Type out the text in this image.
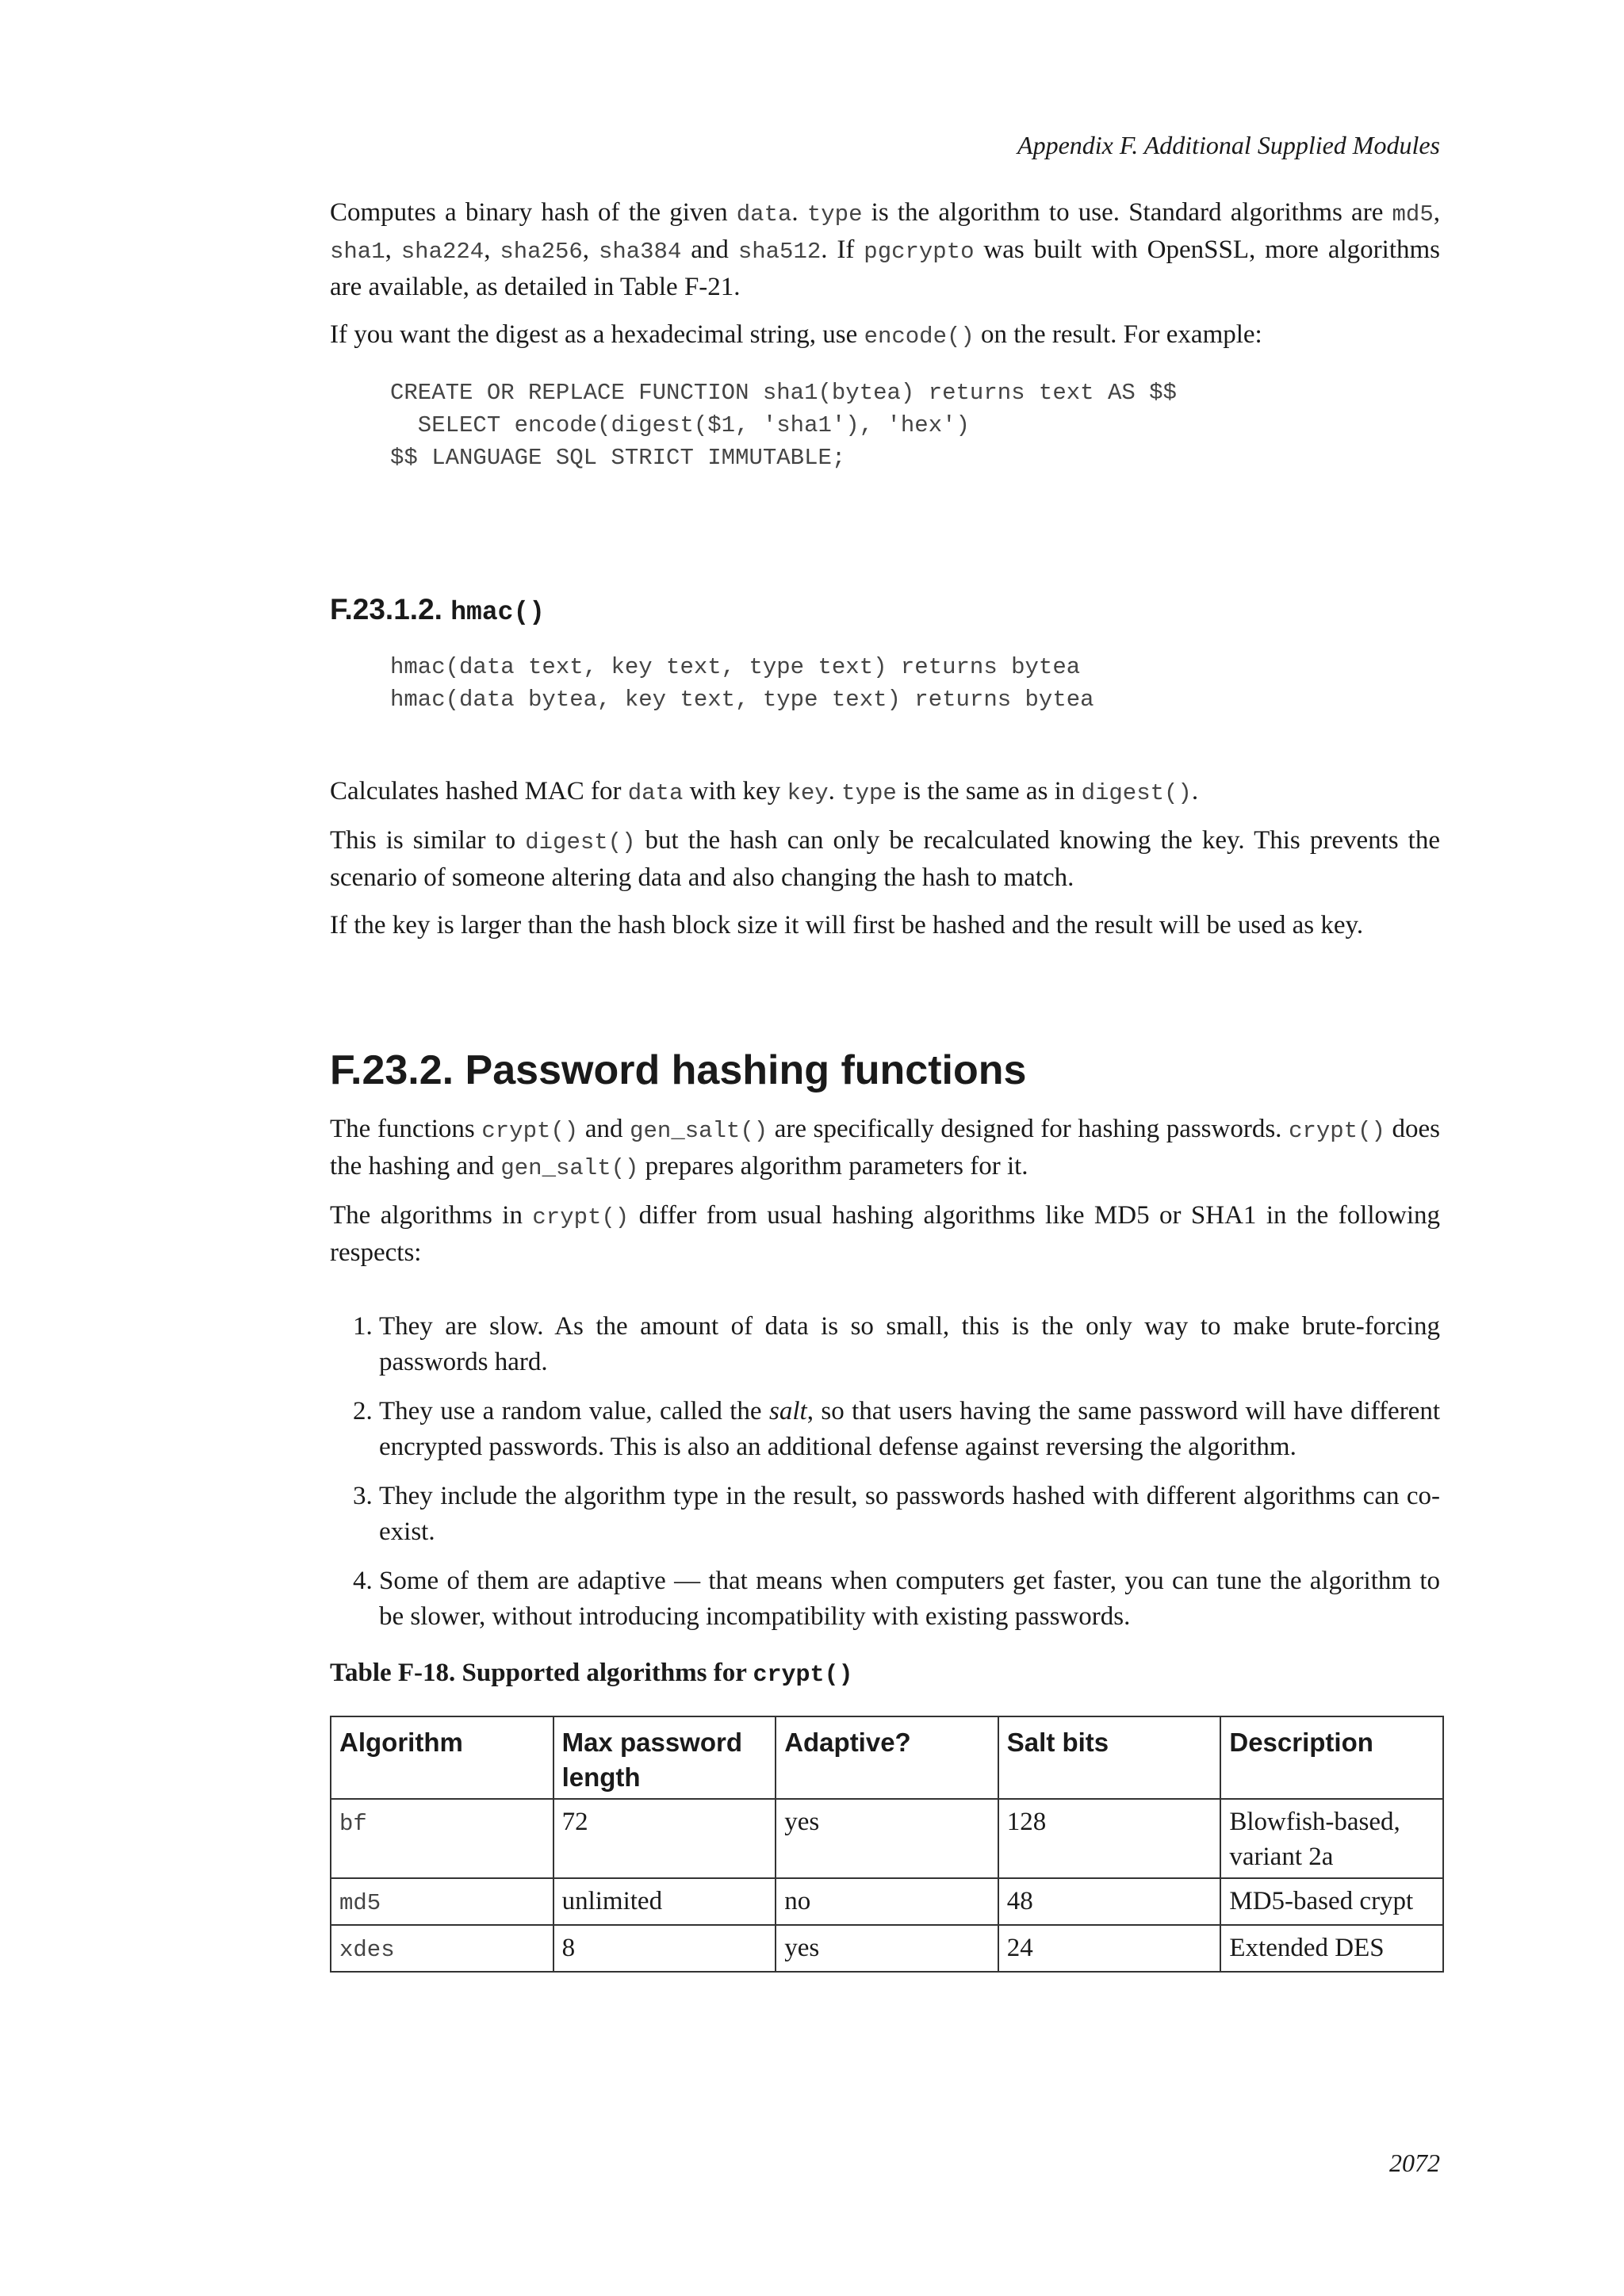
Appendix F. Additional Supplied Modules

Computes a binary hash of the given data. type is the algorithm to use. Standard algorithms are md5, sha1, sha224, sha256, sha384 and sha512. If pgcrypto was built with OpenSSL, more algorithms are available, as detailed in Table F-21.

If you want the digest as a hexadecimal string, use encode() on the result. For example:

CREATE OR REPLACE FUNCTION sha1(bytea) returns text AS $$
SELECT encode(digest($1, 'sha1'), 'hex')
$$ LANGUAGE SQL STRICT IMMUTABLE;
F.23.1.2. hmac()
hmac(data text, key text, type text) returns bytea
hmac(data bytea, key text, type text) returns bytea

Calculates hashed MAC for data with key key. type is the same as in digest().

This is similar to digest() but the hash can only be recalculated knowing the key. This prevents the scenario of someone altering data and also changing the hash to match.

If the key is larger than the hash block size it will first be hashed and the result will be used as key.

F.23.2. Password hashing functions

The functions crypt() and gen_salt() are specifically designed for hashing passwords. crypt() does the hashing and gen_salt() prepares algorithm parameters for it.

The algorithms in crypt() differ from usual hashing algorithms like MD5 or SHA1 in the following respects:

1. They are slow. As the amount of data is so small, this is the only way to make brute-forcing passwords hard.
2. They use a random value, called the salt, so that users having the same password will have different encrypted passwords. This is also an additional defense against reversing the algorithm.
3. They include the algorithm type in the result, so passwords hashed with different algorithms can co-exist.
4. Some of them are adaptive — that means when computers get faster, you can tune the algorithm to be slower, without introducing incompatibility with existing passwords.
Table F-18. Supported algorithms for crypt()
Algorithm	Max password length	Adaptive?	Salt bits	Description
bf	72	yes	128	Blowfish-based, variant 2a
md5	unlimited	no	48	MD5-based crypt
xdes	8	yes	24	Extended DES
2072
